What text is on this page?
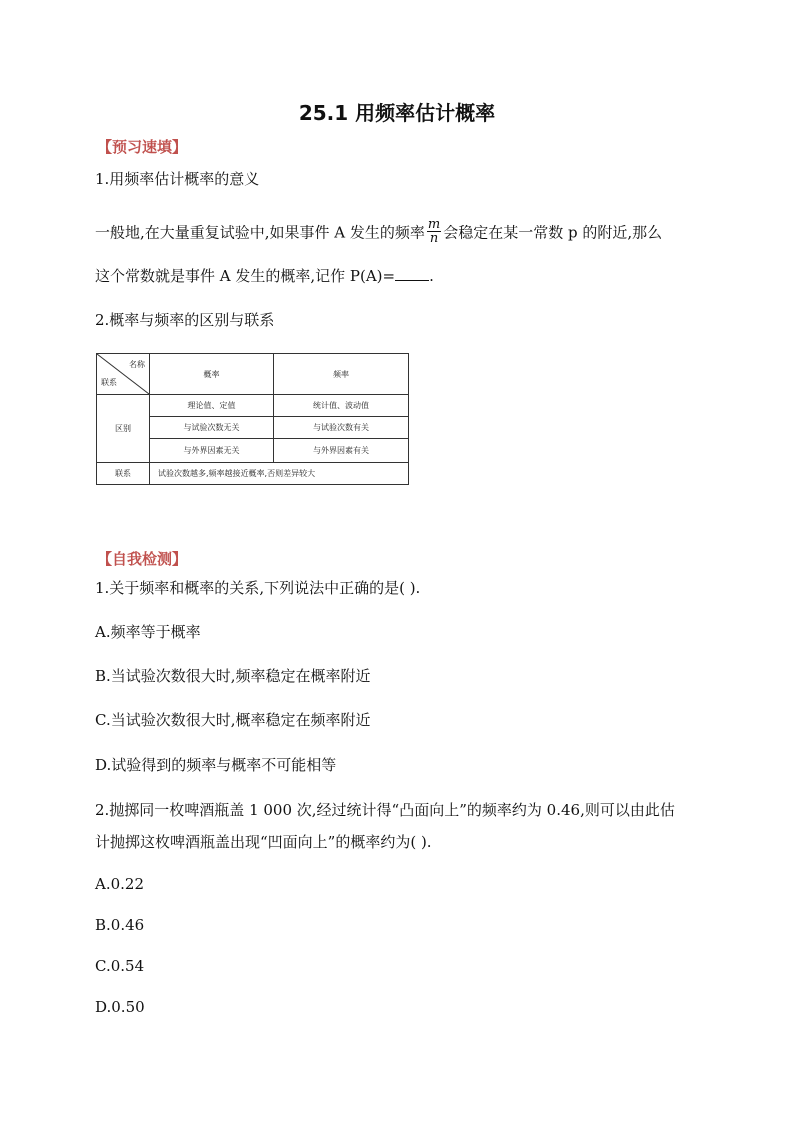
25.1 用频率估计概率
【预习速填】
1.用频率估计概率的意义
一般地,在大量重复试验中,如果事件 A 发生的频率 $\frac{m}{n}$ 会稳定在某一常数 p 的附近,那么
这个常数就是事件 A 发生的概率,记作 P(A)= .
2.概率与频率的区别与联系
名称
联系	概率	频率
区别	理论值、定值	统计值、波动值
	与试验次数无关	与试验次数有关
	与外界因素无关	与外界因素有关
联系	试验次数越多,频率越接近概率,否则差异较大	
【自我检测】
1.关于频率和概率的关系,下列说法中正确的是( ).
A.频率等于概率
B.当试验次数很大时,频率稳定在概率附近
C.当试验次数很大时,概率稳定在频率附近
D.试验得到的频率与概率不可能相等
2.抛掷同一枚啤酒瓶盖 1 000 次,经过统计得“凸面向上”的频率约为 0.46,则可以由此估
计抛掷这枚啤酒瓶盖出现“凹面向上”的概率约为( ).
A.0.22
B.0.46
C.0.54
D.0.50
